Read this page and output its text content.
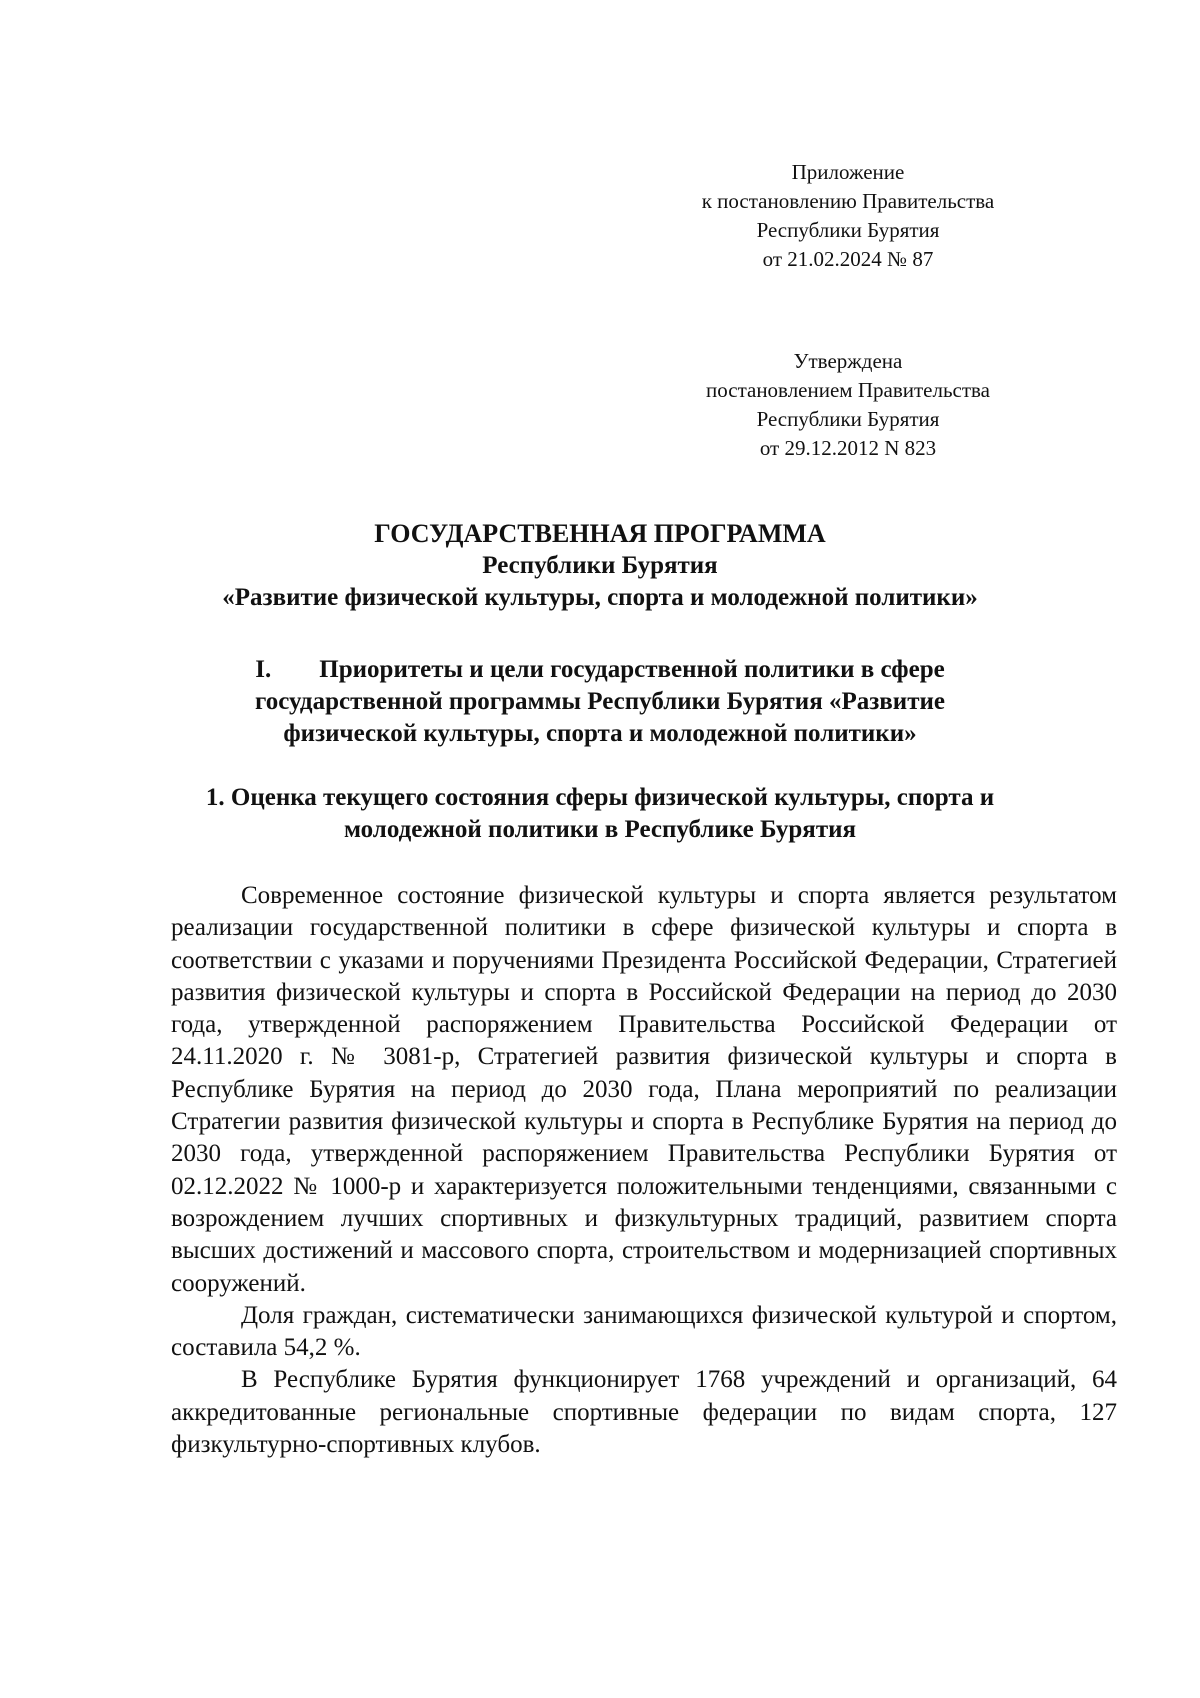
Приложение

к постановлению Правительства

Республики Бурятия

от 21.02.2024 № 87

Утверждена

постановлением Правительства

Республики Бурятия

от 29.12.2012 N 823

ГОСУДАРСТВЕННАЯ ПРОГРАММА

Республики Бурятия

«Развитие физической культуры, спорта и молодежной политики»

I. Приоритеты и цели государственной политики в сфере

государственной программы Республики Бурятия «Развитие

физической культуры, спорта и молодежной политики»

1. Оценка текущего состояния сферы физической культуры, спорта и

молодежной политики в Республике Бурятия

Современное состояние физической культуры и спорта является результатом реализации государственной политики в сфере физической культуры и спорта в соответствии с указами и поручениями Президента Российской Федерации, Стратегией развития физической культуры и спорта в Российской Федерации на период до 2030 года, утвержденной распоряжением Правительства Российской Федерации от 24.11.2020 г. № 3081-р, Стратегией развития физической культуры и спорта в Республике Бурятия на период до 2030 года, Плана мероприятий по реализации Стратегии развития физической культуры и спорта в Республике Бурятия на период до 2030 года, утвержденной распоряжением Правительства Республики Бурятия от 02.12.2022 № 1000-р и характеризуется положительными тенденциями, связанными с возрождением лучших спортивных и физкультурных традиций, развитием спорта высших достижений и массового спорта, строительством и модернизацией спортивных сооружений.

Доля граждан, систематически занимающихся физической культурой и спортом, составила 54,2 %.

В Республике Бурятия функционирует 1768 учреждений и организаций, 64 аккредитованные региональные спортивные федерации по видам спорта, 127 физкультурно-спортивных клубов.
